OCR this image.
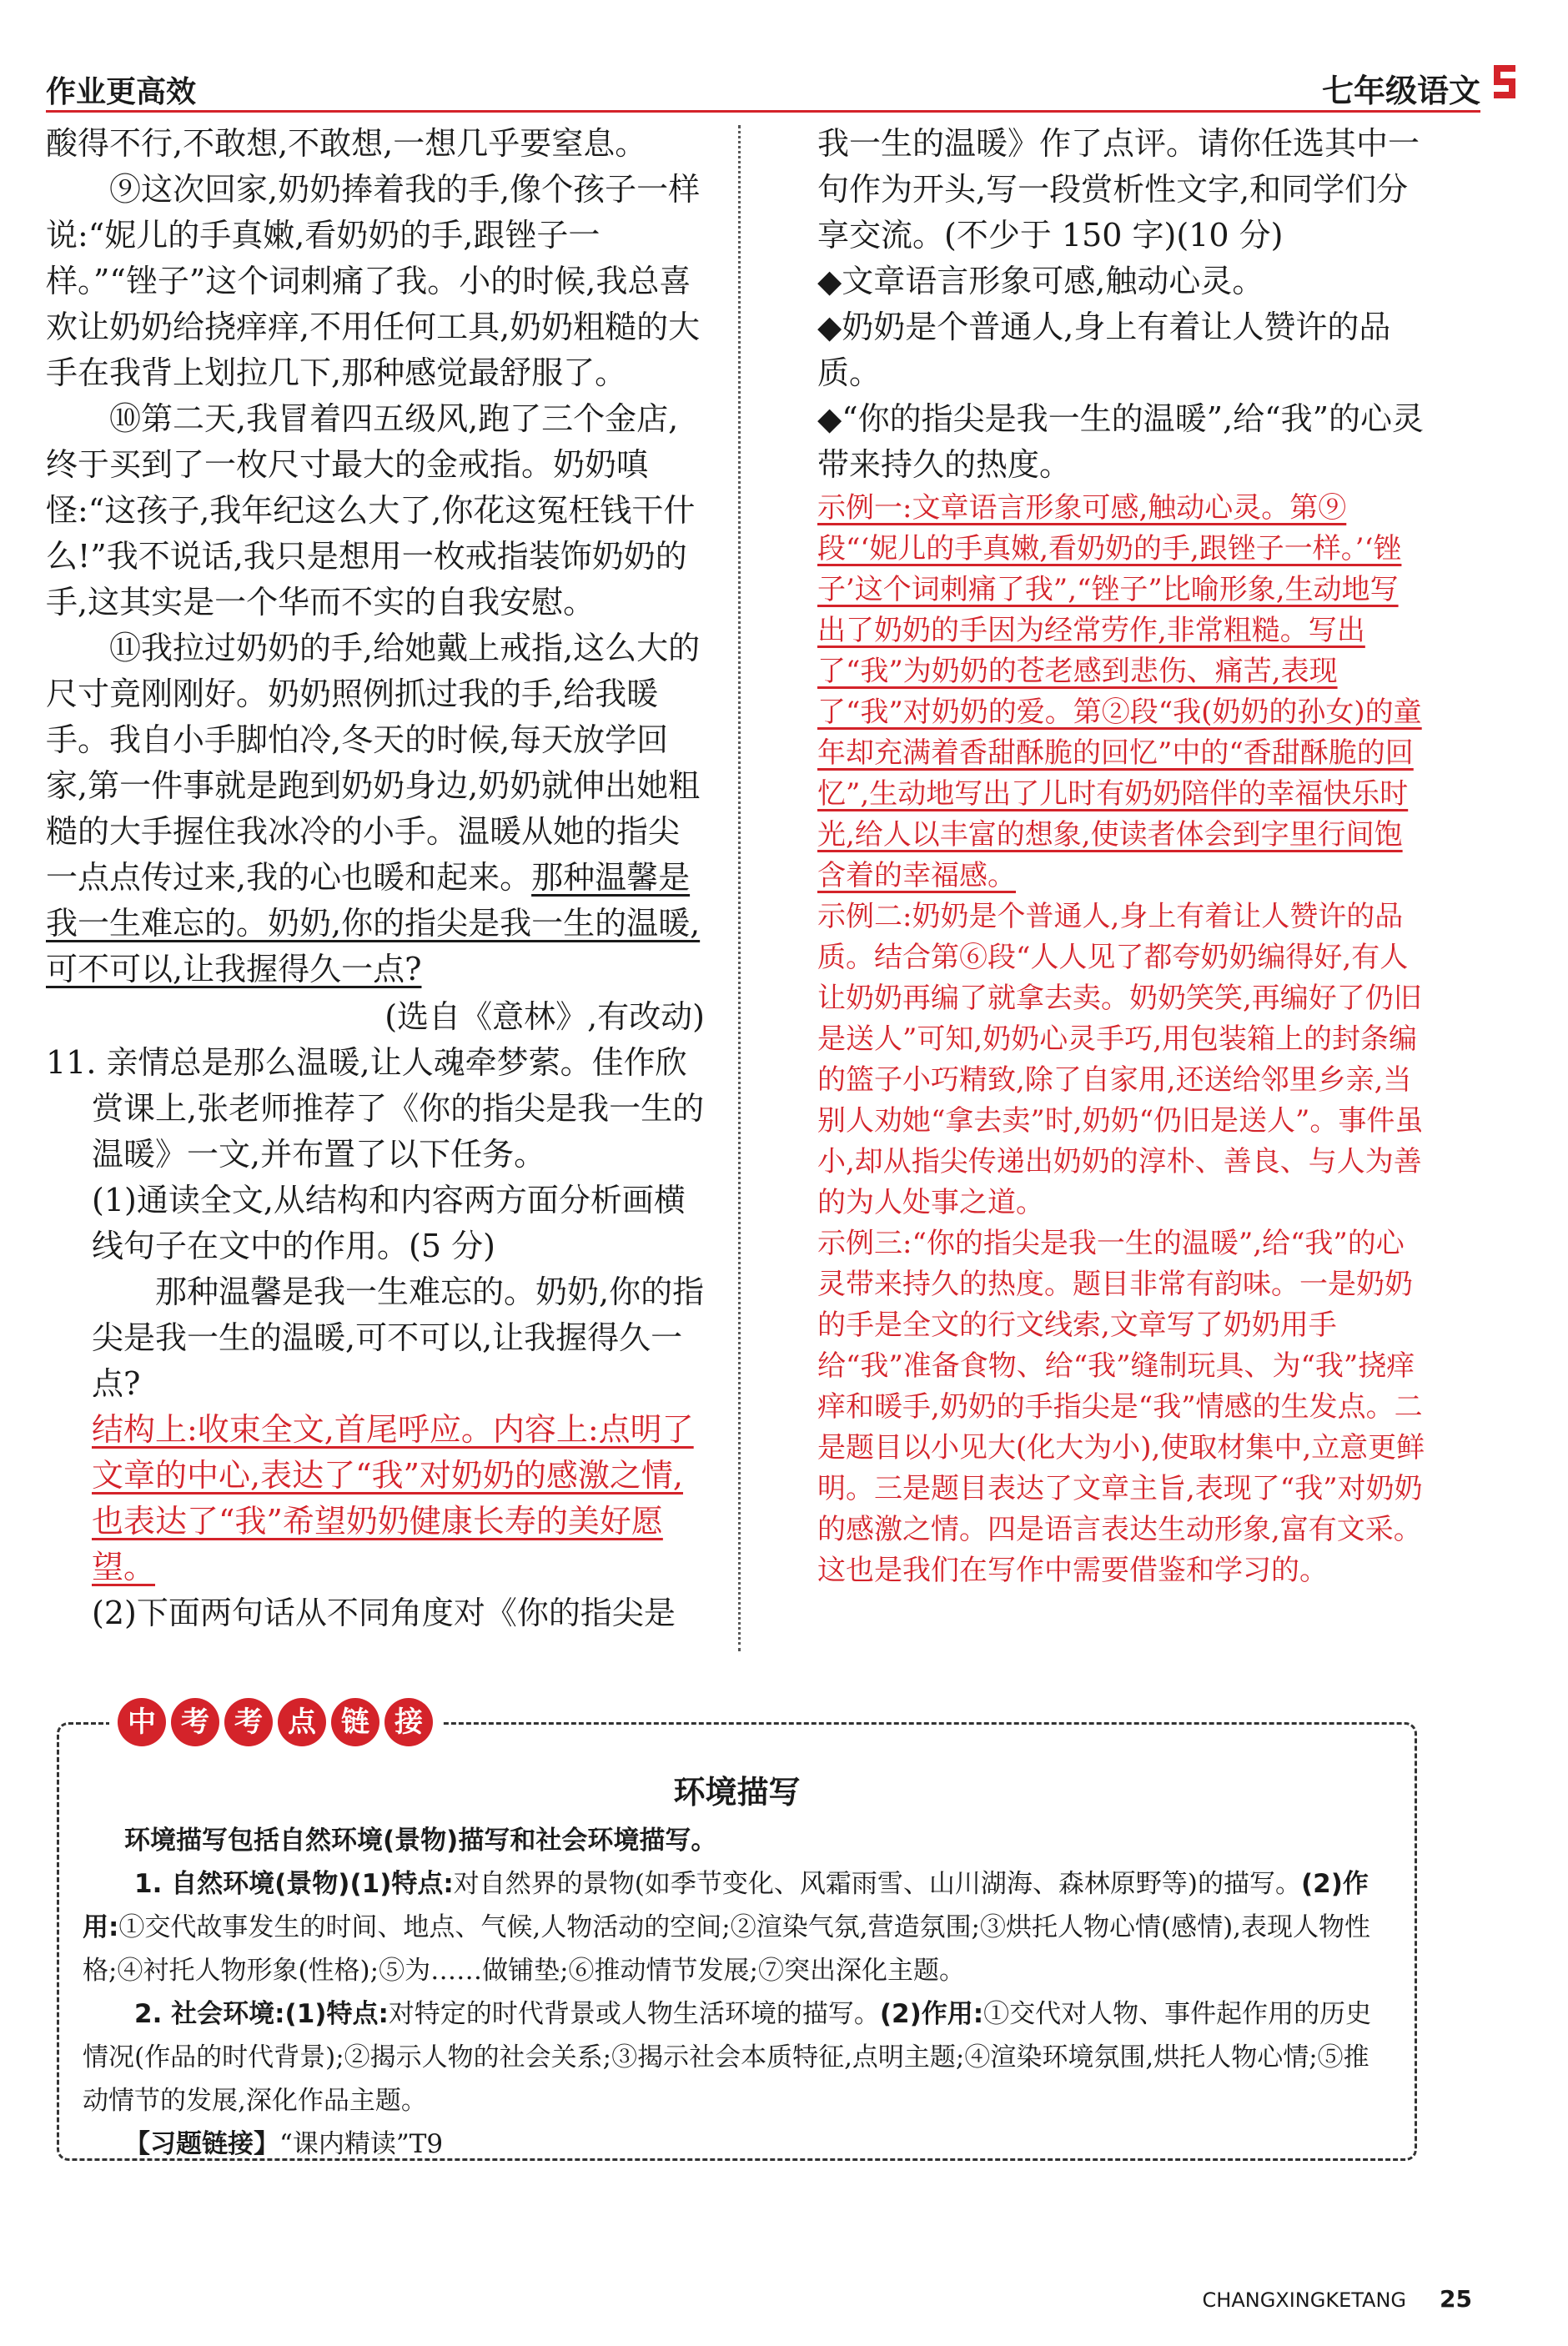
作业更高效	七年级语文

酸得不行,不敢想,不敢想,一想几乎要窒息。

⑨这次回家,奶奶捧着我的手,像个孩子一样说:“妮儿的手真嫩,看奶奶的手,跟锉子一样。”“锉子”这个词刺痛了我。小的时候,我总喜欢让奶奶给挠痒痒,不用任何工具,奶奶粗糙的大手在我背上划拉几下,那种感觉最舒服了。

⑩第二天,我冒着四五级风,跑了三个金店,终于买到了一枚尺寸最大的金戒指。奶奶嗔怪:“这孩子,我年纪这么大了,你花这冤枉钱干什么!”我不说话,我只是想用一枚戒指装饰奶奶的手,这其实是一个华而不实的自我安慰。

⑪我拉过奶奶的手,给她戴上戒指,这么大的尺寸竟刚刚好。奶奶照例抓过我的手,给我暖手。我自小手脚怕冷,冬天的时候,每天放学回家,第一件事就是跑到奶奶身边,奶奶就伸出她粗糙的大手握住我冰冷的小手。温暖从她的指尖一点点传过来,我的心也暖和起来。那种温馨是我一生难忘的。奶奶,你的指尖是我一生的温暖,可不可以,让我握得久一点?

(选自《意林》,有改动)

11. 亲情总是那么温暖,让人魂牵梦萦。佳作欣赏课上,张老师推荐了《你的指尖是我一生的温暖》一文,并布置了以下任务。

(1)通读全文,从结构和内容两方面分析画横线句子在文中的作用。(5 分)

那种温馨是我一生难忘的。奶奶,你的指尖是我一生的温暖,可不可以,让我握得久一点?

结构上:收束全文,首尾呼应。内容上:点明了文章的中心,表达了“我”对奶奶的感激之情,也表达了“我”希望奶奶健康长寿的美好愿望。

(2)下面两句话从不同角度对《你的指尖是

我一生的温暖》作了点评。请你任选其中一句作为开头,写一段赏析性文字,和同学们分享交流。(不少于 150 字)(10 分)

◆ 文章语言形象可感,触动心灵。

◆ 奶奶是个普通人,身上有着让人赞许的品质。

◆ “你的指尖是我一生的温暖”,给“我”的心灵带来持久的热度。

示例一:文章语言形象可感,触动心灵。第⑨段“‘妮儿的手真嫩,看奶奶的手,跟锉子一样。’‘锉子’这个词刺痛了我”,“锉子”比喻形象,生动地写出了奶奶的手因为经常劳作,非常粗糙。写出了“我”为奶奶的苍老感到悲伤、痛苦,表现了“我”对奶奶的爱。第②段“我(奶奶的孙女)的童年却充满着香甜酥脆的回忆”中的“香甜酥脆的回忆”,生动地写出了儿时有奶奶陪伴的幸福快乐时光,给人以丰富的想象,使读者体会到字里行间饱含着的幸福感。

示例二:奶奶是个普通人,身上有着让人赞许的品质。结合第⑥段“人人见了都夸奶奶编得好,有人让奶奶再编了就拿去卖。奶奶笑笑,再编好了仍旧是送人”可知,奶奶心灵手巧,用包装箱上的封条编的篮子小巧精致,除了自家用,还送给邻里乡亲,当别人劝她“拿去卖”时,奶奶“仍旧是送人”。事件虽小,却从指尖传递出奶奶的淳朴、善良、与人为善的为人处事之道。

示例三:“你的指尖是我一生的温暖”,给“我”的心灵带来持久的热度。题目非常有韵味。一是奶奶的手是全文的行文线索,文章写了奶奶用手给“我”准备食物、给“我”缝制玩具、为“我”挠痒痒和暖手,奶奶的手指尖是“我”情感的生发点。二是题目以小见大(化大为小),使取材集中,立意更鲜明。三是题目表达了文章主旨,表现了“我”对奶奶的感激之情。四是语言表达生动形象,富有文采。这也是我们在写作中需要借鉴和学习的。

中 考 考 点 链 接
环境描写

环境描写包括自然环境(景物)描写和社会环境描写。

1. 自然环境(景物)(1)特点:对自然界的景物(如季节变化、风霜雨雪、山川湖海、森林原野等)的描写。(2)作用:①交代故事发生的时间、地点、气候,人物活动的空间;②渲染气氛,营造氛围;③烘托人物心情(感情),表现人物性格;④衬托人物形象(性格);⑤为……做铺垫;⑥推动情节发展;⑦突出深化主题。

2. 社会环境:(1)特点:对特定的时代背景或人物生活环境的描写。(2)作用:①交代对人物、事件起作用的历史情况(作品的时代背景);②揭示人物的社会关系;③揭示社会本质特征,点明主题;④渲染环境氛围,烘托人物心情;⑤推动情节的发展,深化作品主题。

【习题链接】“课内精读”T9

CHANGXINGKETANG 25
